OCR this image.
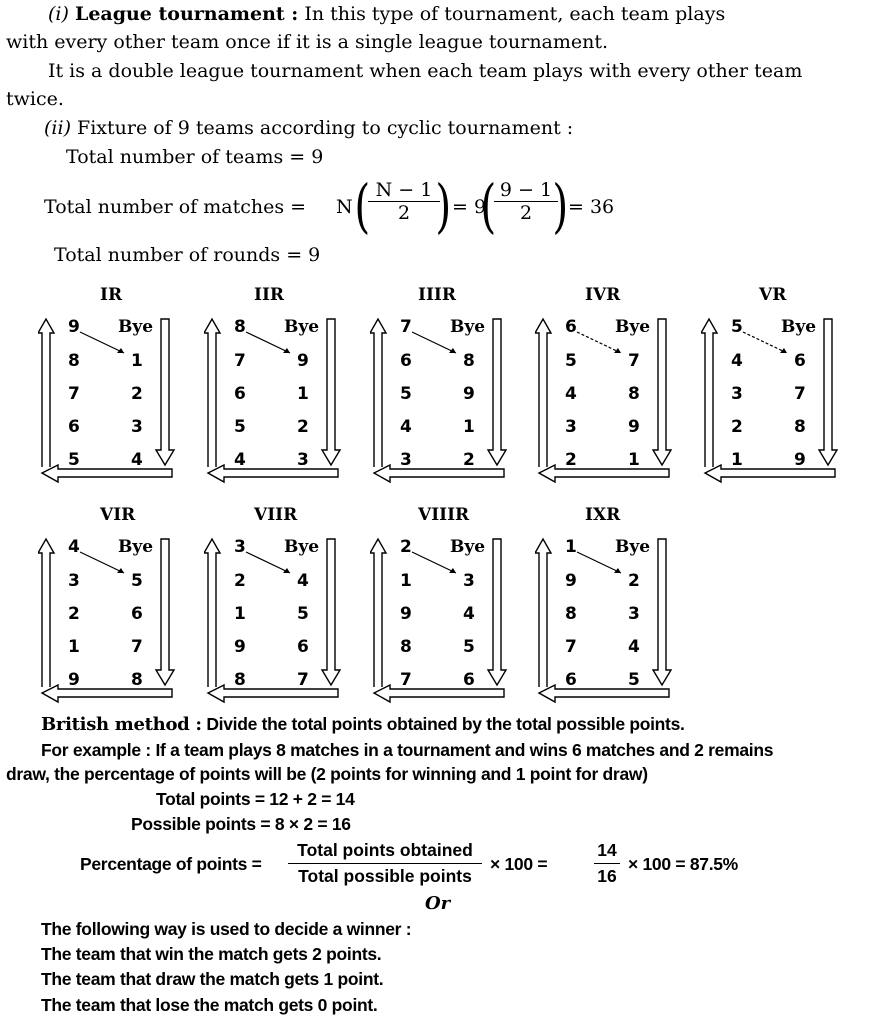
(i) League tournament : In this type of tournament, each team plays
with every other team once if it is a single league tournament.
It is a double league tournament when each team plays with every other team
twice.
(ii) Fixture of 9 teams according to cyclic tournament :
Total number of teams = 9
Total number of matches = N (
$\frac{N - 1}{2}$
) = 9
(
$\frac{9 - 1}{2}$
) = 36
Total number of rounds = 9
IR
9 Bye
8	1
7	2
6	3
5	4
IIR
8 Bye
7	9
6	1
5	2
4	3
IIIR
7 Bye
6	8
5	9
4	1
3	2
IVR
6 Bye
5	7
4	8
3	9
2	1
VR
5 Bye
4	6
3	7
2	8
1	9
VIR
4 Bye
3	5
2	6
1	7
9	8
VIIR
3 Bye
2	4
1	5
9	6
8	7
VIIIR
2 Bye
1	3
9	4
8	5
7	6
IXR
1 Bye
9	2
8	3
7	4
6	5
British method : Divide the total points obtained by the total possible points.
For example : If a team plays 8 matches in a tournament and wins 6 matches and 2 remains
draw, the percentage of points will be (2 points for winning and 1 point for draw)
Total points = 12 + 2 = 14
Possible points = 8 × 2 = 16
Percentage of points =
Total points obtained
Total possible points
× 100 =	$\frac{14}{16} \times 100 = 87.5\%$
Or
The following way is used to decide a winner :
The team that win the match gets 2 points.
The team that draw the match gets 1 point.
The team that lose the match gets 0 point.
